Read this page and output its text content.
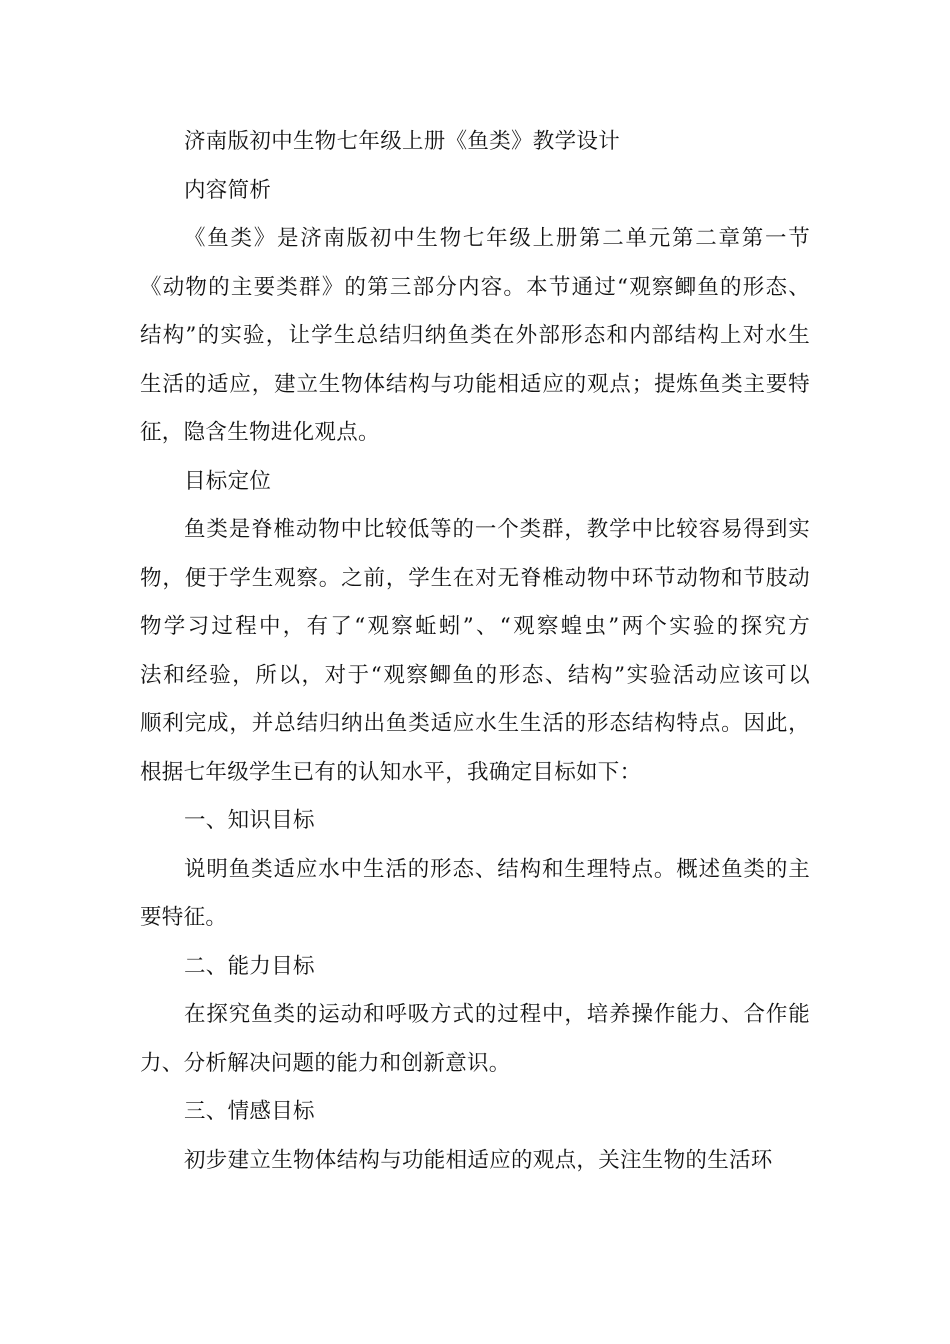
济南版初中生物七年级上册《鱼类》教学设计
内容简析
《鱼类》是济南版初中生物七年级上册第二单元第二章第一节
《动物的主要类群》的第三部分内容。本节通过“观察鲫鱼的形态、
结构”的实验，让学生总结归纳鱼类在外部形态和内部结构上对水生
生活的适应，建立生物体结构与功能相适应的观点；提炼鱼类主要特
征，隐含生物进化观点。
目标定位
鱼类是脊椎动物中比较低等的一个类群，教学中比较容易得到实
物，便于学生观察。之前，学生在对无脊椎动物中环节动物和节肢动
物学习过程中，有了“观察蚯蚓”、“观察蝗虫”两个实验的探究方
法和经验，所以，对于“观察鲫鱼的形态、结构”实验活动应该可以
顺利完成，并总结归纳出鱼类适应水生生活的形态结构特点。因此，
根据七年级学生已有的认知水平，我确定目标如下：
一、知识目标
说明鱼类适应水中生活的形态、结构和生理特点。概述鱼类的主
要特征。
二、能力目标
在探究鱼类的运动和呼吸方式的过程中，培养操作能力、合作能
力、分析解决问题的能力和创新意识。
三、情感目标
初步建立生物体结构与功能相适应的观点，关注生物的生活环
